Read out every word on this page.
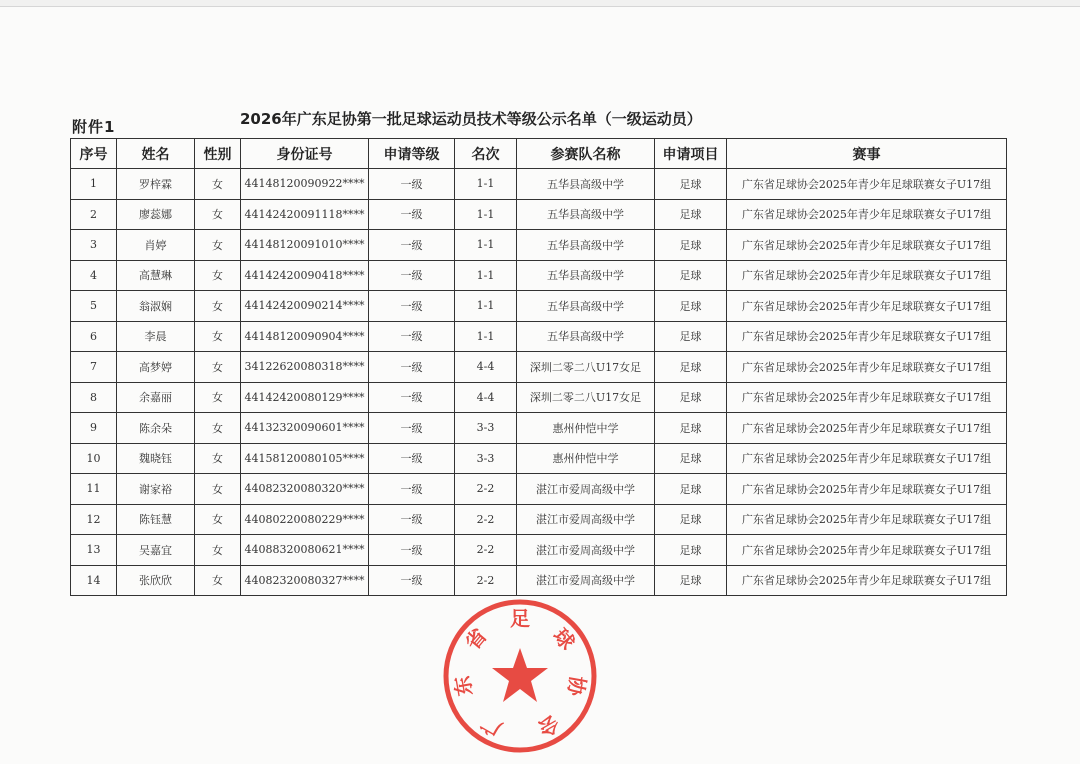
附件1	2026年广东足协第一批足球运动员技术等级公示名单（一级运动员）
序号	姓名	性别	身份证号	申请等级	名次	参赛队名称	申请项目	赛事
1	罗梓霖	女	44148120090922****	一级	1-1	五华县高级中学	足球	广东省足球协会2025年青少年足球联赛女子U17组
2	廖蕊娜	女	44142420091118****	一级	1-1	五华县高级中学	足球	广东省足球协会2025年青少年足球联赛女子U17组
3	肖婷	女	44148120091010****	一级	1-1	五华县高级中学	足球	广东省足球协会2025年青少年足球联赛女子U17组
4	高慧琳	女	44142420090418****	一级	1-1	五华县高级中学	足球	广东省足球协会2025年青少年足球联赛女子U17组
5	翁淑娴	女	44142420090214****	一级	1-1	五华县高级中学	足球	广东省足球协会2025年青少年足球联赛女子U17组
6	李晨	女	44148120090904****	一级	1-1	五华县高级中学	足球	广东省足球协会2025年青少年足球联赛女子U17组
7	高梦婷	女	34122620080318****	一级	4-4	深圳二零二八U17女足	足球	广东省足球协会2025年青少年足球联赛女子U17组
8	余嘉丽	女	44142420080129****	一级	4-4	深圳二零二八U17女足	足球	广东省足球协会2025年青少年足球联赛女子U17组
9	陈余朵	女	44132320090601****	一级	3-3	惠州仲恺中学	足球	广东省足球协会2025年青少年足球联赛女子U17组
10	魏晓钰	女	44158120080105****	一级	3-3	惠州仲恺中学	足球	广东省足球协会2025年青少年足球联赛女子U17组
11	谢家裕	女	44082320080320****	一级	2-2	湛江市爱周高级中学	足球	广东省足球协会2025年青少年足球联赛女子U17组
12	陈钰慧	女	44080220080229****	一级	2-2	湛江市爱周高级中学	足球	广东省足球协会2025年青少年足球联赛女子U17组
13	吴嘉宜	女	44088320080621****	一级	2-2	湛江市爱周高级中学	足球	广东省足球协会2025年青少年足球联赛女子U17组
14	张欣欣	女	44082320080327****	一级	2-2	湛江市爱周高级中学	足球	广东省足球协会2025年青少年足球联赛女子U17组
广
东
省
足
球
协
会
